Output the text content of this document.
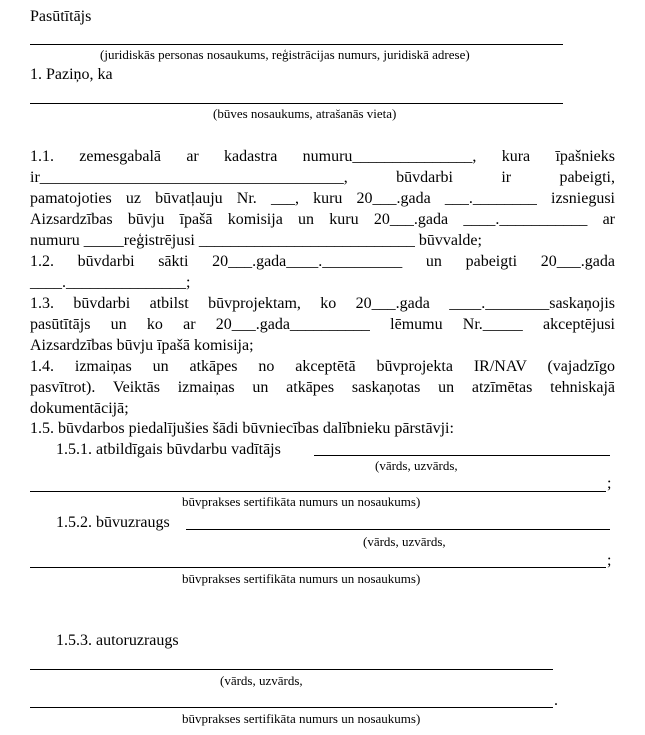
Pasūtītājs
(juridiskās personas nosaukums, reģistrācijas numurs, juridiskā adrese)
1. Paziņo, ka
(būves nosaukums, atrašanās vieta)
1.1. zemesgabalā ar kadastra numuru_______________, kura īpašnieks
ir______________________________________, būvdarbi ir pabeigti,
pamatojoties uz būvatļauju Nr. ___, kuru 20___.gada ___.________ izsniegusi
Aizsardzības būvju īpašā komisija un kuru 20___.gada ____.___________ ar
numuru _____reģistrējusi ___________________________ būvvalde;
1.2. būvdarbi sākti 20___.gada____.__________ un pabeigti 20___.gada
____._______________;
1.3. būvdarbi atbilst būvprojektam, ko 20___.gada ____.________saskaņojis
pasūtītājs un ko ar 20___.gada__________ lēmumu Nr._____ akceptējusi
Aizsardzības būvju īpašā komisija;
1.4. izmaiņas un atkāpes no akceptētā būvprojekta IR/NAV (vajadzīgo
pasvītrot). Veiktās izmaiņas un atkāpes saskaņotas un atzīmētas tehniskajā
dokumentācijā;
1.5. būvdarbos piedalījušies šādi būvniecības dalībnieku pārstāvji:
1.5.1. atbildīgais būvdarbu vadītājs
(vārds, uzvārds,
;
būvprakses sertifikāta numurs un nosaukums)
1.5.2. būvuzraugs
(vārds, uzvārds,
;
būvprakses sertifikāta numurs un nosaukums)
1.5.3. autoruzraugs
(vārds, uzvārds,
.
būvprakses sertifikāta numurs un nosaukums)
